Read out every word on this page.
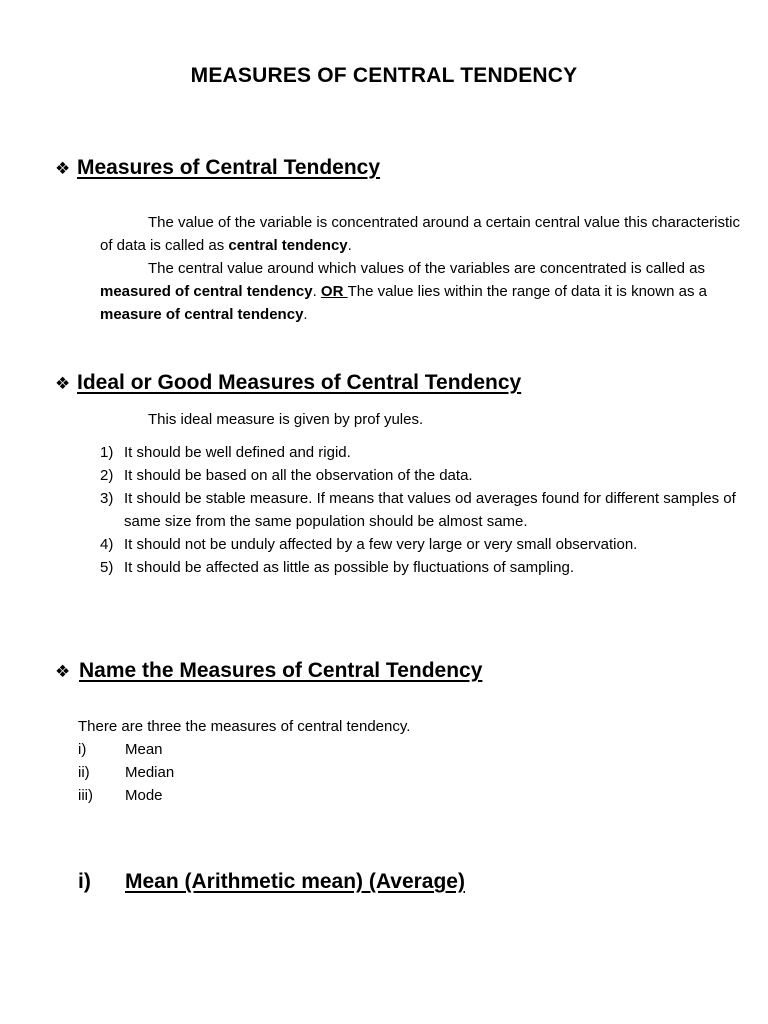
MEASURES OF CENTRAL TENDENCY
❖ Measures of Central Tendency
The value of the variable is concentrated around a certain central value this characteristic of data is called as central tendency.
The central value around which values of the variables are concentrated is called as measured of central tendency. OR The value lies within the range of data it is known as a measure of central tendency.
❖ Ideal or Good Measures of Central Tendency
This ideal measure is given by prof yules.
1) It should be well defined and rigid.
2) It should be based on all the observation of the data.
3) It should be stable measure. If means that values od averages found for different samples of same size from the same population should be almost same.
4) It should not be unduly affected by a few very large or very small observation.
5) It should be affected as little as possible by fluctuations of sampling.
❖ Name the Measures of Central Tendency
There are three the measures of central tendency.
i)	Mean
ii) Median
iii) Mode
i) Mean (Arithmetic mean) (Average)
